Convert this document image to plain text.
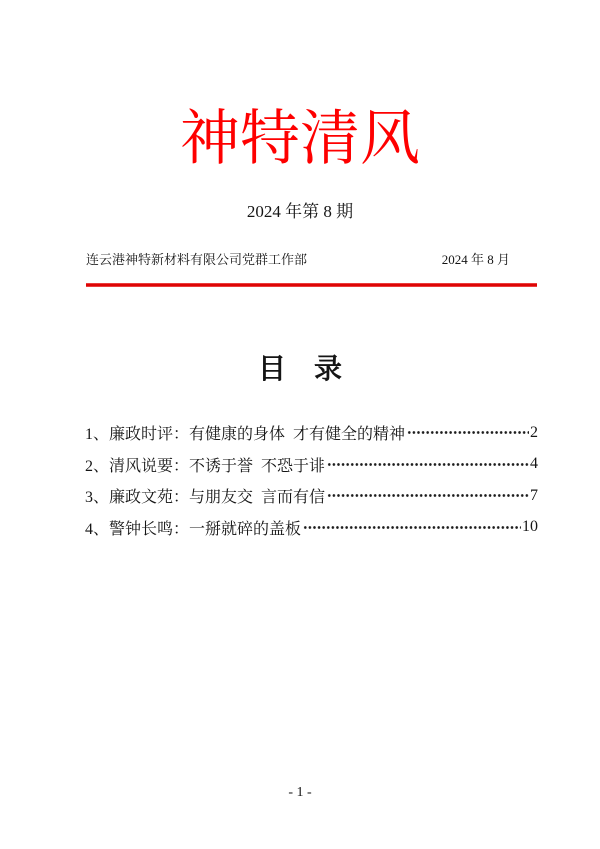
神特清风
2024 年第 8 期
连云港神特新材料有限公司党群工作部	2024 年 8 月
目　录
1、廉政时评：有健康的身体 才有健全的精神	2
2、清风说要：不诱于誉 不恐于诽	4
3、廉政文苑：与朋友交 言而有信	7
4、警钟长鸣：一掰就碎的盖板	10
- 1 -
